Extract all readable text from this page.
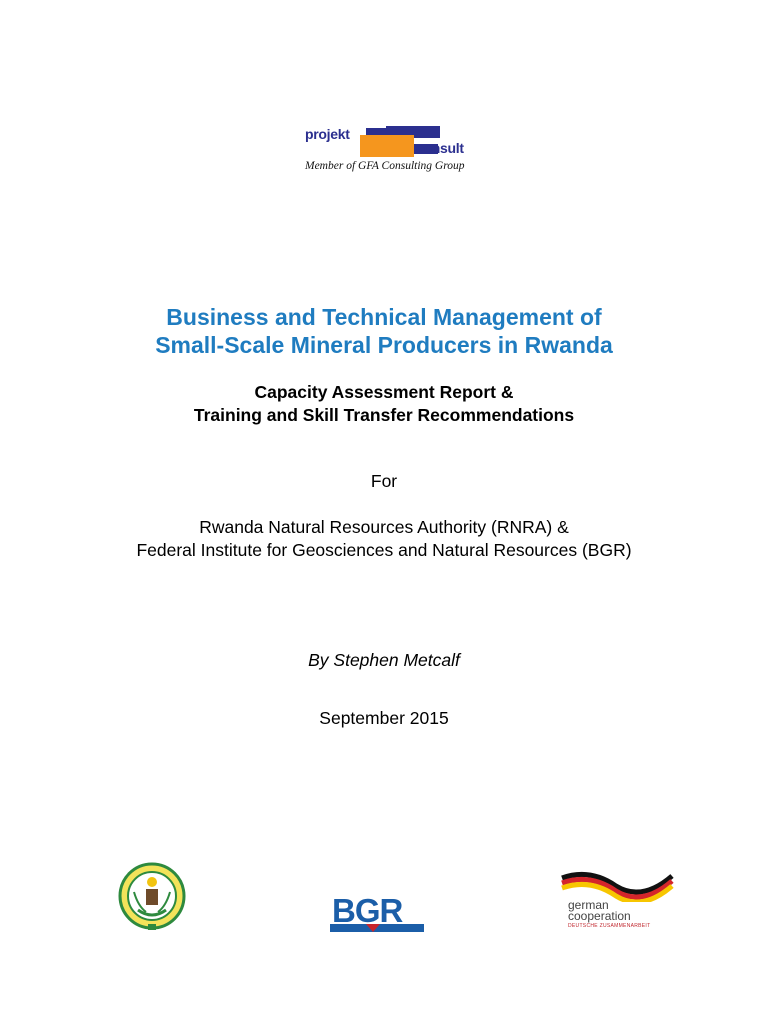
projekt
consult
Member of GFA Consulting Group
Business and Technical Management of
Small-Scale Mineral Producers in Rwanda
Capacity Assessment Report &
Training and Skill Transfer Recommendations
For
Rwanda Natural Resources Authority (RNRA) &
Federal Institute for Geosciences and Natural Resources (BGR)
By Stephen Metcalf
September 2015
BGR	german
cooperation
DEUTSCHE ZUSAMMENARBEIT
